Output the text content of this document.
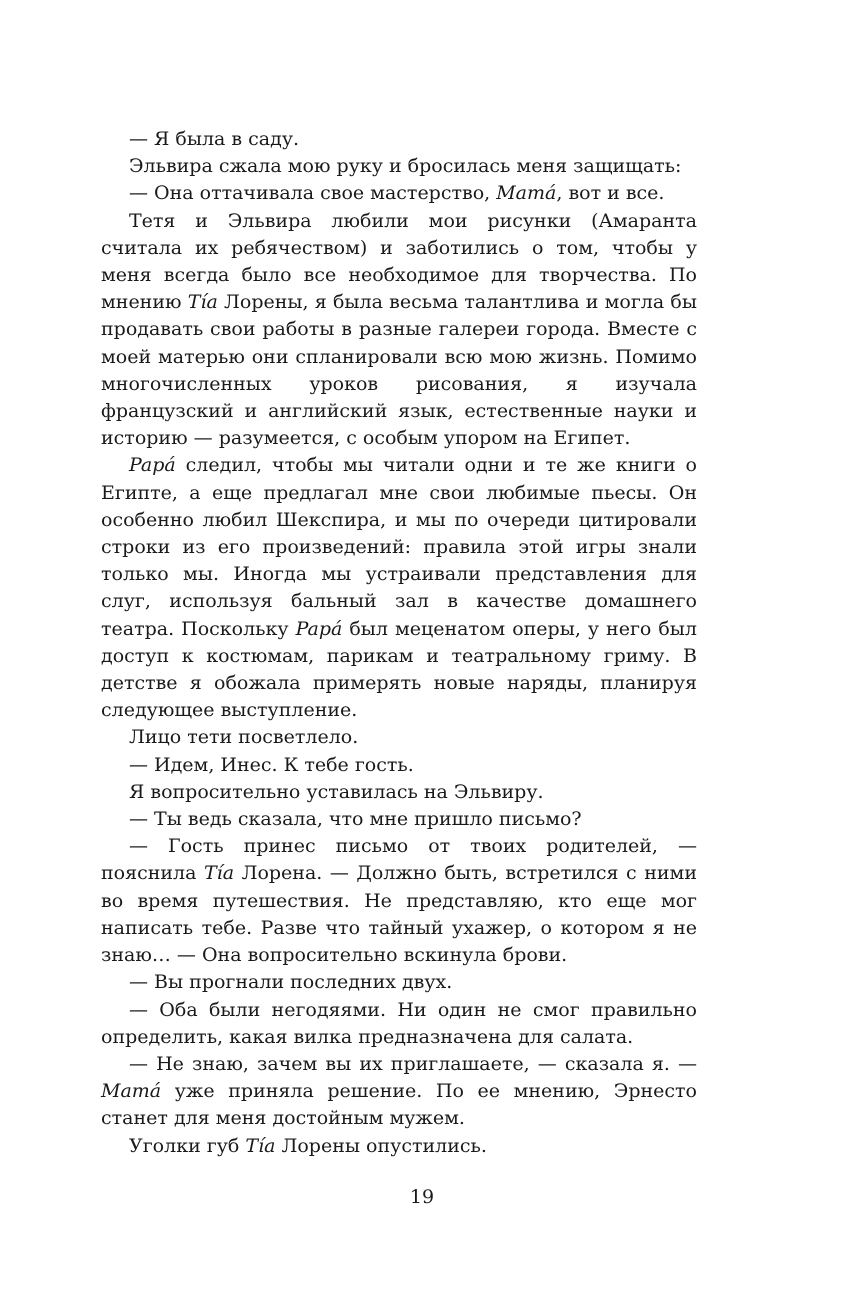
— Я была в саду.

Эльвира сжала мою руку и бросилась меня защищать:

— Она оттачивала свое мастерство, Mamá, вот и все.

Тетя и Эльвира любили мои рисунки (Амаранта считала их ребячеством) и заботились о том, чтобы у меня всегда было все необходимое для творчества. По мнению Tía Лорены, я была весьма талантлива и могла бы продавать свои работы в разные галереи города. Вместе с моей матерью они спланировали всю мою жизнь. Помимо многочисленных уроков рисования, я изучала французский и английский язык, естественные науки и историю — разумеется, с особым упором на Египет.

Papá следил, чтобы мы читали одни и те же книги о Египте, а еще предлагал мне свои любимые пьесы. Он особенно любил Шекспира, и мы по очереди цитировали строки из его произведений: правила этой игры знали только мы. Иногда мы устраивали представления для слуг, используя бальный зал в качестве домашнего театра. Поскольку Papá был меценатом оперы, у него был доступ к костюмам, парикам и театральному гриму. В детстве я обожала примерять новые наряды, планируя следующее выступление.

Лицо тети посветлело.

— Идем, Инес. К тебе гость.

Я вопросительно уставилась на Эльвиру.

— Ты ведь сказала, что мне пришло письмо?

— Гость принес письмо от твоих родителей, — пояснила Tía Лорена. — Должно быть, встретился с ними во время путешествия. Не представляю, кто еще мог написать тебе. Разве что тайный ухажер, о котором я не знаю… — Она вопросительно вскинула брови.

— Вы прогнали последних двух.

— Оба были негодяями. Ни один не смог правильно определить, какая вилка предназначена для салата.

— Не знаю, зачем вы их приглашаете, — сказала я. — Mamá уже приняла решение. По ее мнению, Эрнесто станет для меня достойным мужем.

Уголки губ Tía Лорены опустились.

19
